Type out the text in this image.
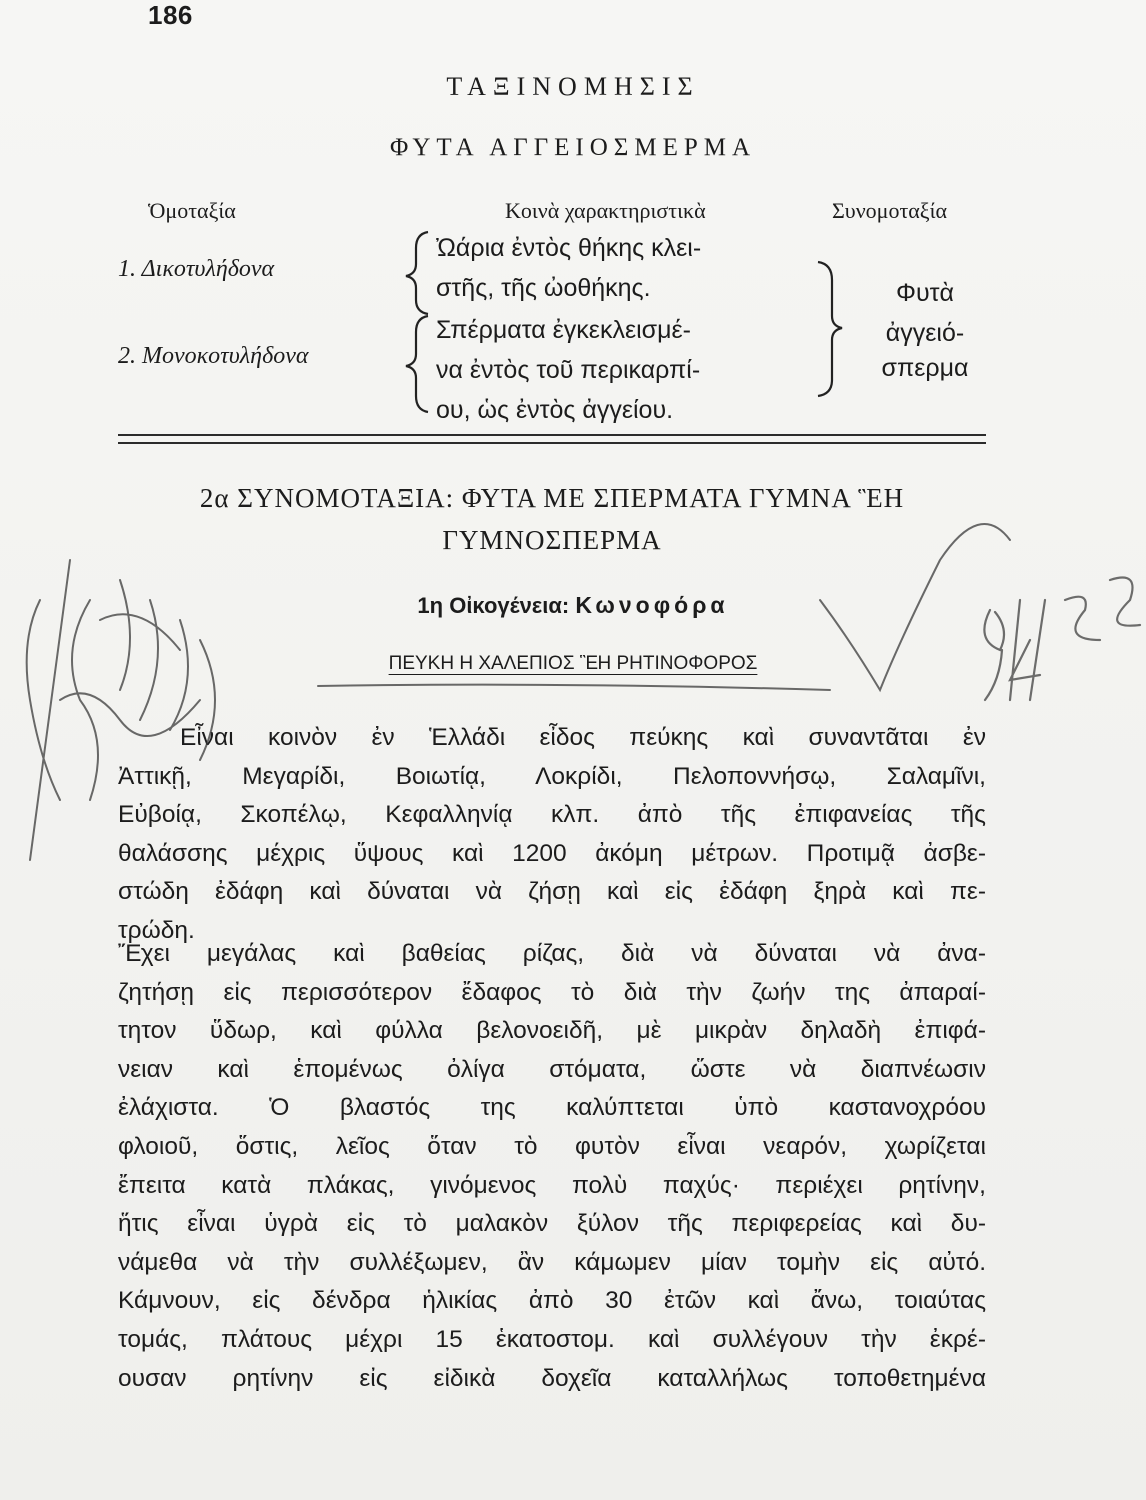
186
ΤΑΞΙΝΟΜΗΣΙΣ
ΦΥΤΑ ΑΓΓΕΙΟΣΜΕΡΜΑ
Ὁμοταξία	Κοινὰ χαρακτηριστικὰ	Συνομοταξία
1. Δικοτυλήδονα
2. Μονοκοτυλήδονα
Ὠάρια ἐντὸς θήκης κλει-
στῆς, τῆς ὠοθήκης.
Σπέρματα ἐγκεκλεισμέ-
να ἐντὸς τοῦ περικαρπί-
ου, ὡς ἐντὸς ἀγγείου.
Φυτὰ
ἀγγειό-
σπερμα
2α ΣΥΝΟΜΟΤΑΞΙΑ: ΦΥΤΑ ΜΕ ΣΠΕΡΜΑΤΑ ΓΥΜΝΑ ἛΗ
ΓΥΜΝΟΣΠΕΡΜΑ
1η Οἰκογένεια: Κωνοφόρα
ΠΕΥΚΗ Η ΧΑΛΕΠΙΟΣ ἛΗ ΡΗΤΙΝΟΦΟΡΟΣ
Εἶναι κοινὸν ἐν Ἑλλάδι εἶδος πεύκης καὶ συναντᾶται ἐν
Ἀττικῇ, Μεγαρίδι, Βοιωτίᾳ, Λοκρίδι, Πελοποννήσῳ, Σαλαμῖνι,
Εὐβοίᾳ, Σκοπέλῳ, Κεφαλληνίᾳ κλπ. ἀπὸ τῆς ἐπιφανείας τῆς
θαλάσσης μέχρις ὕψους καὶ 1200 ἀκόμη μέτρων. Προτιμᾷ ἀσβε-
στώδη ἐδάφη καὶ δύναται νὰ ζήσῃ καὶ εἰς ἐδάφη ξηρὰ καὶ πε-
τρώδη.
Ἔχει μεγάλας καὶ βαθείας ρίζας, διὰ νὰ δύναται νὰ ἀνα-
ζητήσῃ εἰς περισσότερον ἔδαφος τὸ διὰ τὴν ζωήν της ἀπαραί-
τητον ὕδωρ, καὶ φύλλα βελονοειδῆ, μὲ μικρὰν δηλαδὴ ἐπιφά-
νειαν καὶ ἑπομένως ὀλίγα στόματα, ὥστε νὰ διαπνέωσιν
ἐλάχιστα. Ὁ βλαστός της καλύπτεται ὑπὸ καστανοχρόου
φλοιοῦ, ὅστις, λεῖος ὅταν τὸ φυτὸν εἶναι νεαρόν, χωρίζεται
ἔπειτα κατὰ πλάκας, γινόμενος πολὺ παχύς· περιέχει ρητίνην,
ἥτις εἶναι ὑγρὰ εἰς τὸ μαλακὸν ξύλον τῆς περιφερείας καὶ δυ-
νάμεθα νὰ τὴν συλλέξωμεν, ἂν κάμωμεν μίαν τομὴν εἰς αὐτό.
Κάμνουν, εἰς δένδρα ἡλικίας ἀπὸ 30 ἐτῶν καὶ ἄνω, τοιαύτας
τομάς, πλάτους μέχρι 15 ἑκατοστομ. καὶ συλλέγουν τὴν ἐκρέ-
ουσαν ρητίνην εἰς εἰδικὰ δοχεῖα καταλλήλως τοποθετημένα
